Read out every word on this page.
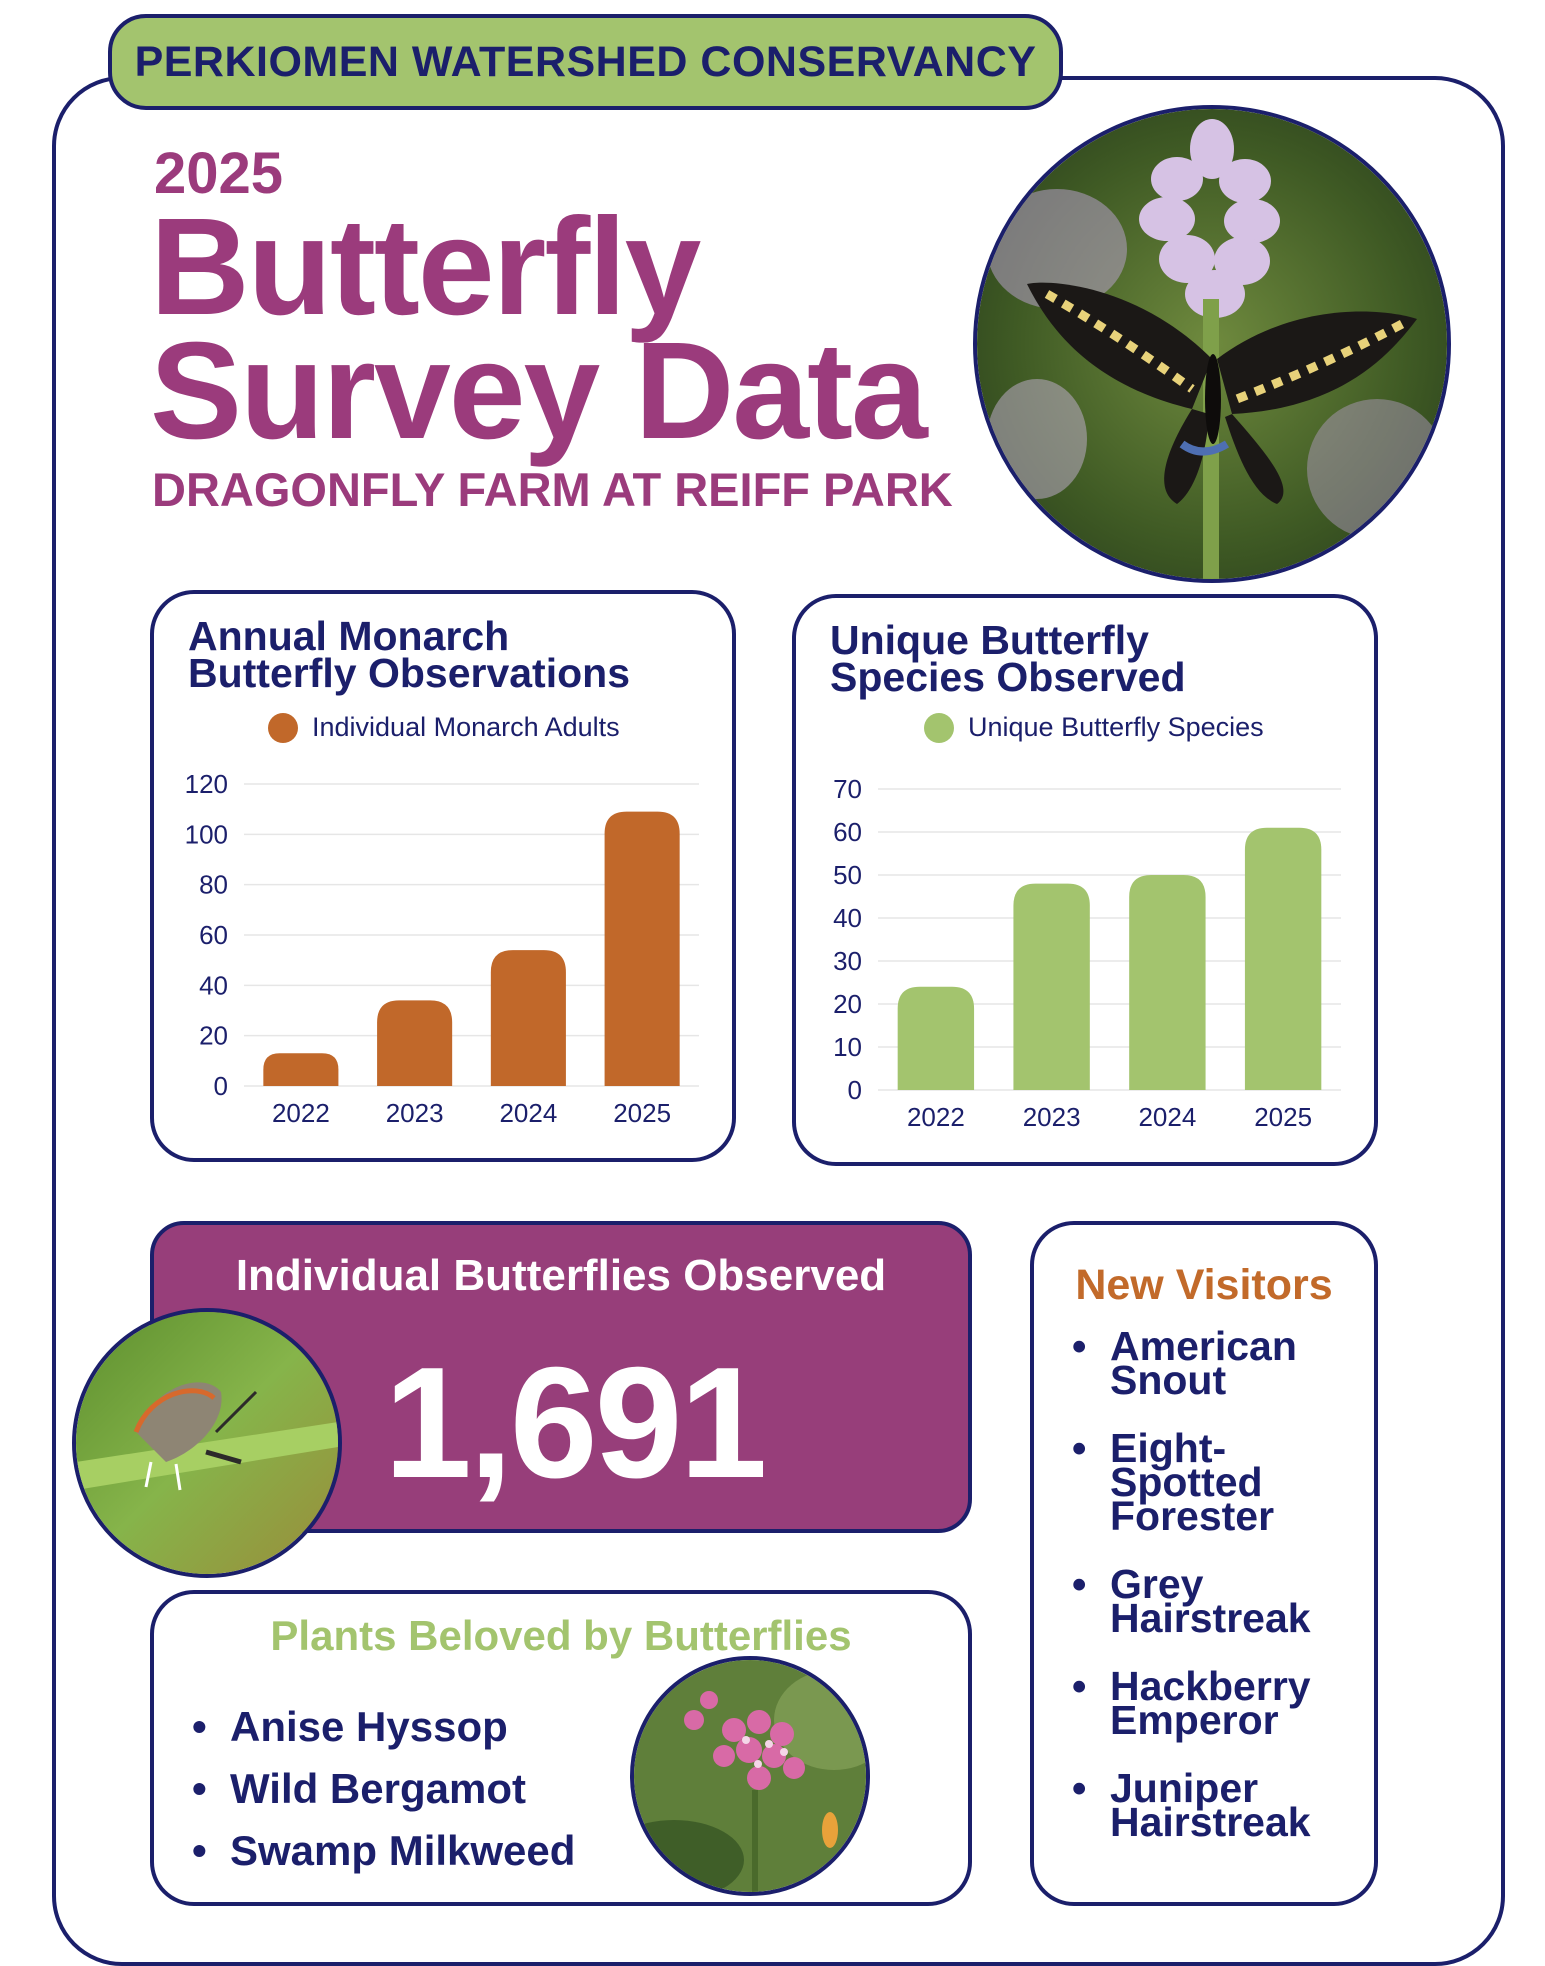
PERKIOMEN WATERSHED CONSERVANCY
2025
Butterfly
Survey Data
DRAGONFLY FARM AT REIFF PARK
Annual Monarch
Butterfly Observations
Individual Monarch Adults
0
20
40
60
80
100
120
2022 2023 2024 2025
Unique Butterfly
Species Observed
Unique Butterfly Species
0
10
20
30
40
50
60
70
2022 2023 2024 2025
Individual Butterflies Observed
1,691
Plants Beloved by Butterflies
• Anise Hyssop
• Wild Bergamot
• Swamp Milkweed
New Visitors
• American
Snout
• Eight-
Spotted
Forester
• Grey
Hairstreak
• Hackberry
Emperor
• Juniper
Hairstreak
